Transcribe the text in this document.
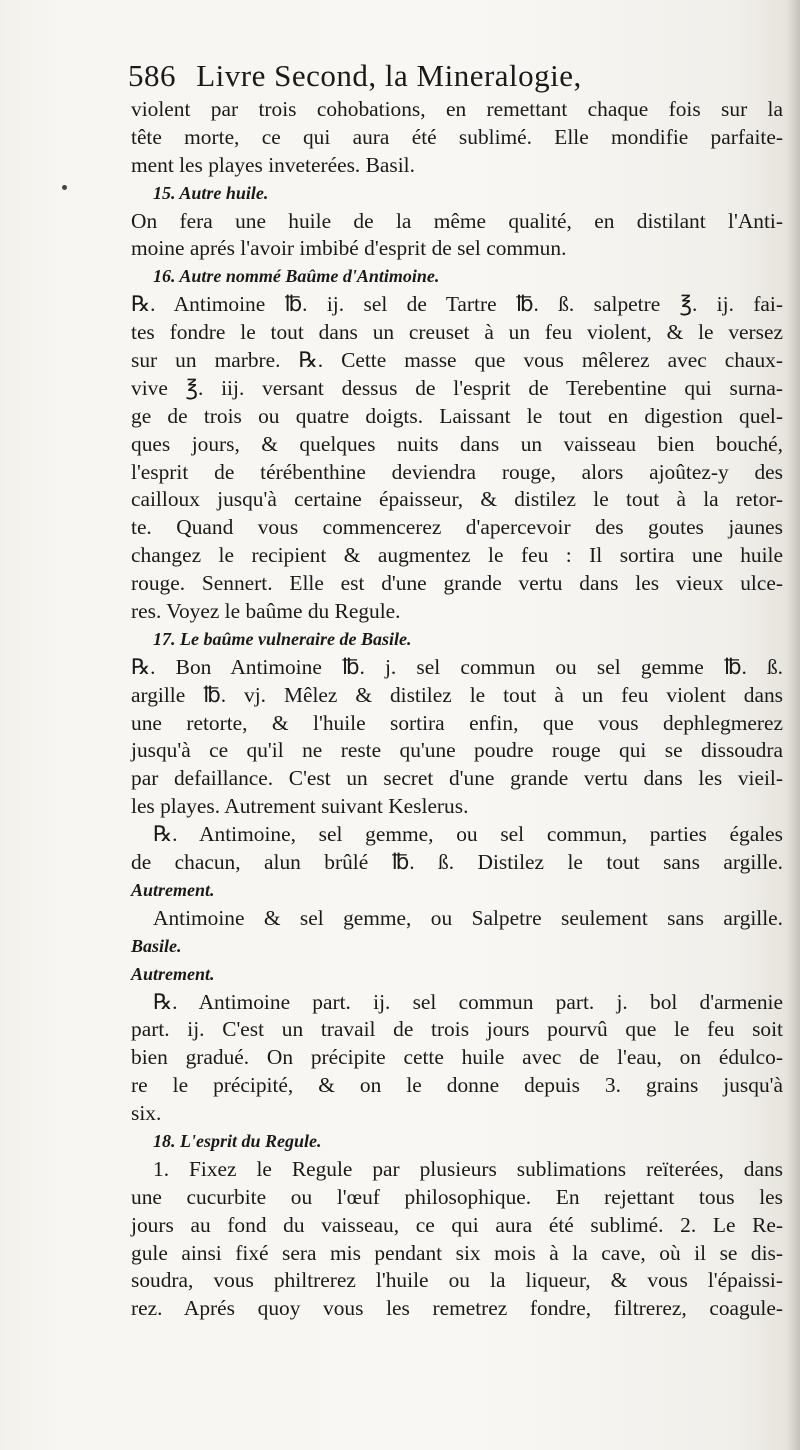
586 Livre Second, la Mineralogie,
violent par trois cohobations, en remettant chaque fois sur la
tête morte, ce qui aura été sublimé. Elle mondifie parfaite-
ment les playes inveterées. Basil.
15. Autre huile.
On fera une huile de la même qualité, en distilant l'Anti-
moine aprés l'avoir imbibé d'esprit de sel commun.
16. Autre nommé Baûme d'Antimoine.
℞. Antimoine ℔. ij. sel de Tartre ℔. ß. salpetre ℥. ij. fai-
tes fondre le tout dans un creuset à un feu violent, & le versez
sur un marbre. ℞. Cette masse que vous mêlerez avec chaux-
vive ℥. iij. versant dessus de l'esprit de Terebentine qui surna-
ge de trois ou quatre doigts. Laissant le tout en digestion quel-
ques jours, & quelques nuits dans un vaisseau bien bouché,
l'esprit de térébenthine deviendra rouge, alors ajoûtez-y des
cailloux jusqu'à certaine épaisseur, & distilez le tout à la retor-
te. Quand vous commencerez d'apercevoir des goutes jaunes
changez le recipient & augmentez le feu : Il sortira une huile
rouge. Sennert. Elle est d'une grande vertu dans les vieux ulce-
res. Voyez le baûme du Regule.
17. Le baûme vulneraire de Basile.
℞. Bon Antimoine ℔. j. sel commun ou sel gemme ℔. ß.
argille ℔. vj. Mêlez & distilez le tout à un feu violent dans
une retorte, & l'huile sortira enfin, que vous dephlegmerez
jusqu'à ce qu'il ne reste qu'une poudre rouge qui se dissoudra
par defaillance. C'est un secret d'une grande vertu dans les vieil-
les playes. Autrement suivant Keslerus.
℞. Antimoine, sel gemme, ou sel commun, parties égales
de chacun, alun brûlé ℔. ß. Distilez le tout sans argille.
Autrement.
Antimoine & sel gemme, ou Salpetre seulement sans argille.
Basile.
Autrement.
℞. Antimoine part. ij. sel commun part. j. bol d'armenie
part. ij. C'est un travail de trois jours pourvû que le feu soit
bien gradué. On précipite cette huile avec de l'eau, on édulco-
re le précipité, & on le donne depuis 3. grains jusqu'à
six.
18. L'esprit du Regule.
1. Fixez le Regule par plusieurs sublimations reïterées, dans
une cucurbite ou l'œuf philosophique. En rejettant tous les
jours au fond du vaisseau, ce qui aura été sublimé. 2. Le Re-
gule ainsi fixé sera mis pendant six mois à la cave, où il se dis-
soudra, vous philtrerez l'huile ou la liqueur, & vous l'épaissi-
rez. Aprés quoy vous les remetrez fondre, filtrerez, coagule-
